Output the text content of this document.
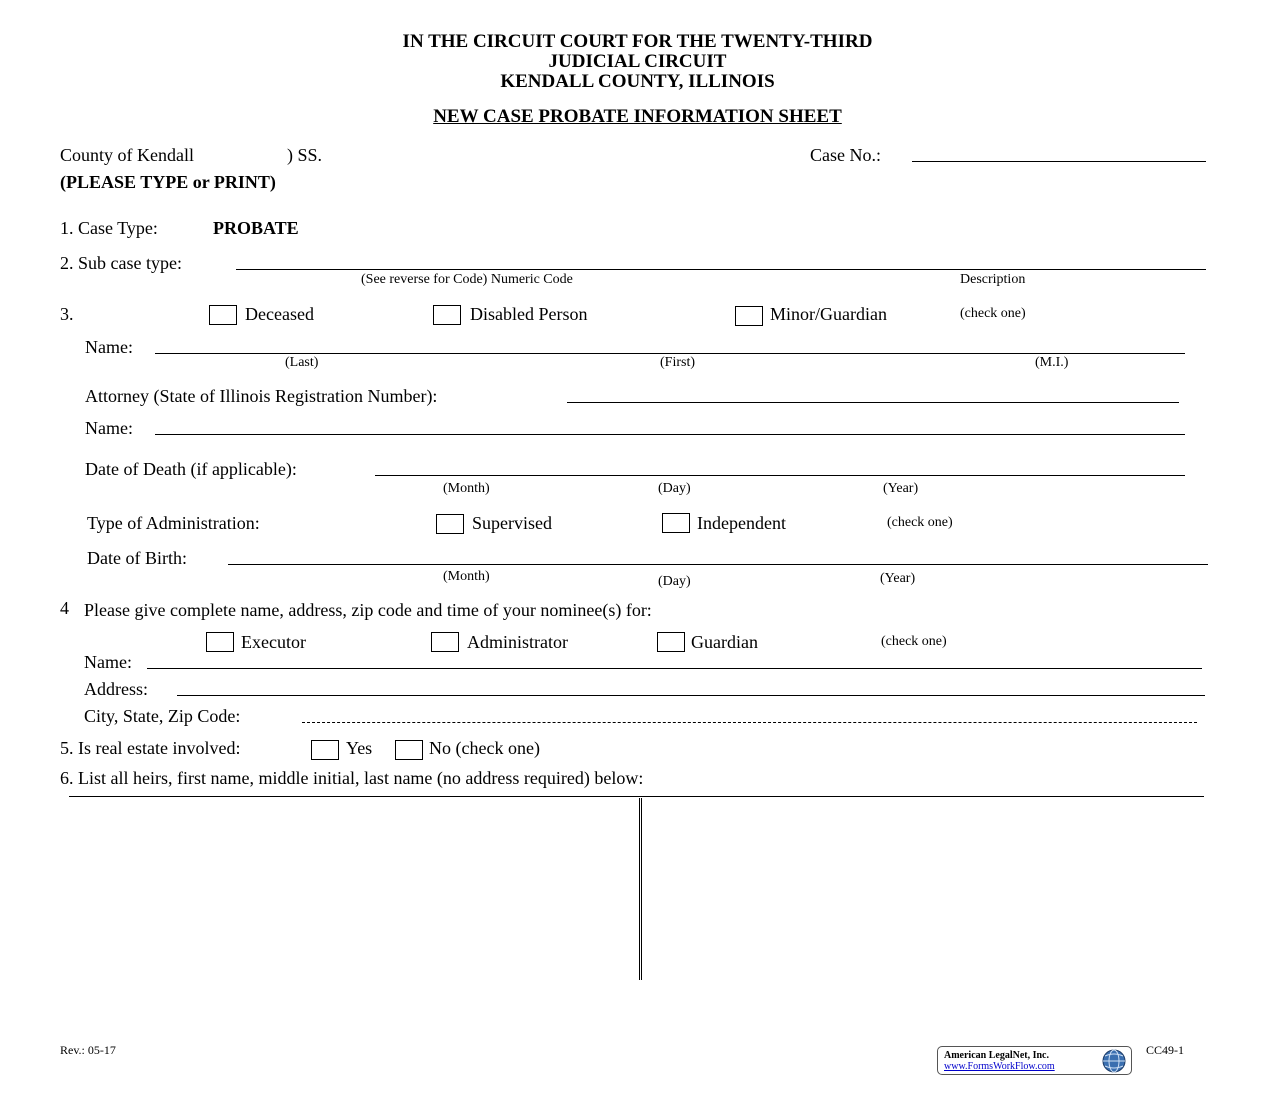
IN THE CIRCUIT COURT FOR THE TWENTY-THIRD
JUDICIAL CIRCUIT
KENDALL COUNTY, ILLINOIS
NEW CASE PROBATE INFORMATION SHEET
County of Kendall	) SS.	Case No.:
(PLEASE TYPE or PRINT)
1. Case Type:	PROBATE
2. Sub case type:
(See reverse for Code) Numeric Code	Description
3.	Deceased	Disabled Person	Minor/Guardian	(check one)
Name:
(Last)	(First)	(M.I.)
Attorney (State of Illinois Registration Number):
Name:
Date of Death (if applicable):
(Month)	(Day)	(Year)
Type of Administration:	Supervised	Independent	(check one)
Date of Birth:
(Month)	(Day)	(Year)
4 Please give complete name, address, zip code and time of your nominee(s) for:
Executor	Administrator	Guardian	(check one)
Name:
Address:
City, State, Zip Code:
5. Is real estate involved:	Yes	No (check one)
6. List all heirs, first name, middle initial, last name (no address required) below:
Rev.: 05-17	American LegalNet, Inc.
www.FormsWorkFlow.com
CC49-1
